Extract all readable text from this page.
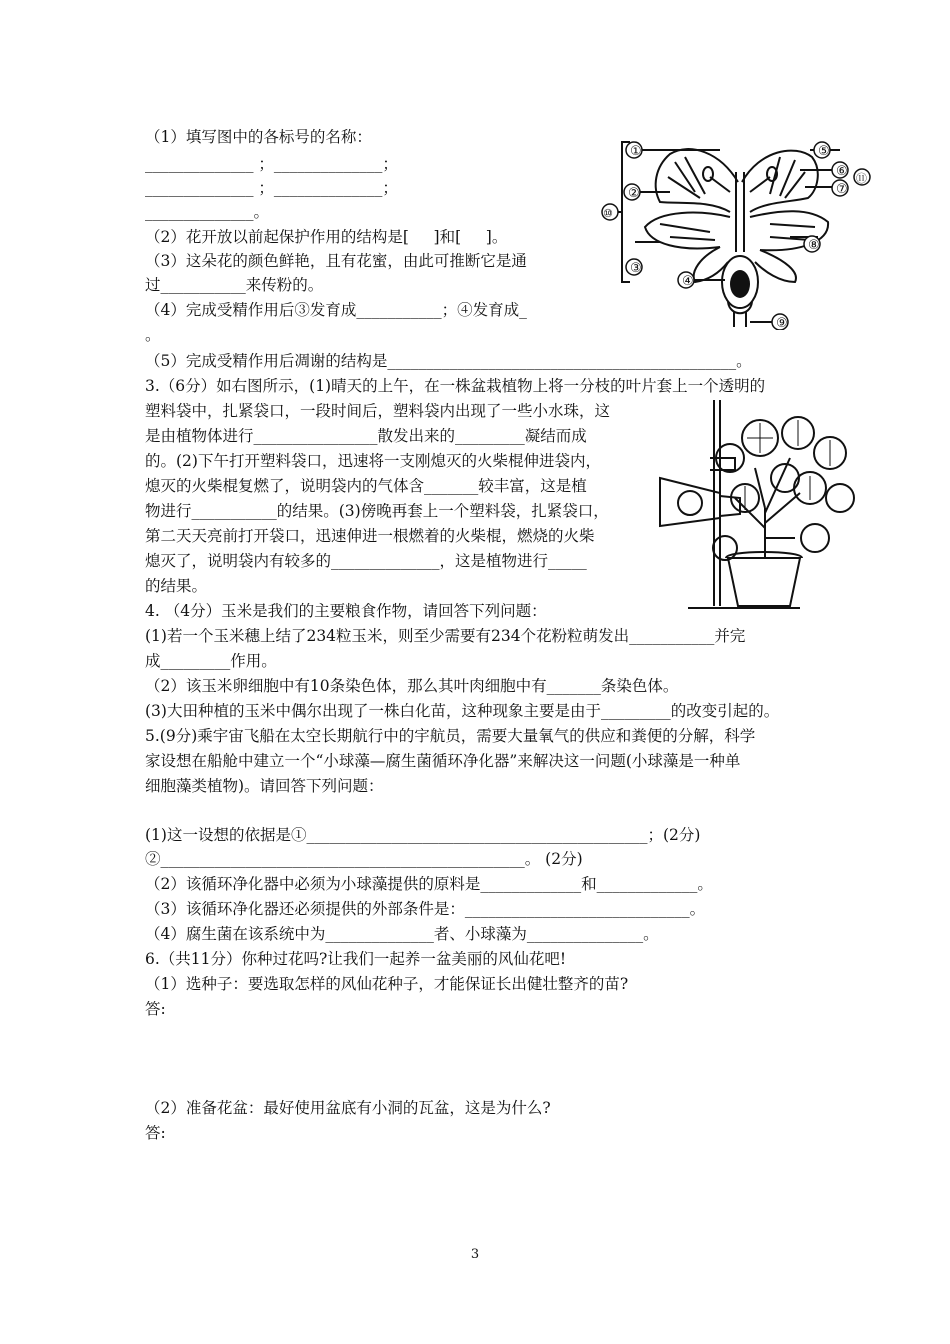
（1）填写图中的各标号的名称：
______________ ；______________；
______________ ；______________；
______________。
（2）花开放以前起保护作用的结构是[     ]和[     ]。
（3）这朵花的颜色鲜艳，且有花蜜，由此可推断它是通
过___________来传粉的。
（4）完成受精作用后③发育成___________；④发育成_
。
（5）完成受精作用后凋谢的结构是_____________________________________________。
3.（6分）如右图所示，(1)晴天的上午，在一株盆栽植物上将一分枝的叶片套上一个透明的
塑料袋中，扎紧袋口，一段时间后，塑料袋内出现了一些小水珠，这
是由植物体进行________________散发出来的_________凝结而成
的。(2)下午打开塑料袋口，迅速将一支刚熄灭的火柴棍伸进袋内，
熄灭的火柴棍复燃了，说明袋内的气体含_______较丰富，这是植
物进行___________的结果。(3)傍晚再套上一个塑料袋，扎紧袋口，
第二天天亮前打开袋口，迅速伸进一根燃着的火柴棍，燃烧的火柴
熄灭了，说明袋内有较多的______________，这是植物进行_____
的结果。
4. （4分）玉米是我们的主要粮食作物，请回答下列问题：
(1)若一个玉米穗上结了234粒玉米，则至少需要有234个花粉粒萌发出___________并完
成_________作用。
（2）该玉米卵细胞中有10条染色体，那么其叶肉细胞中有_______条染色体。
(3)大田种植的玉米中偶尔出现了一株白化苗，这种现象主要是由于_________的改变引起的。
5.(9分)乘宇宙飞船在太空长期航行中的宇航员，需要大量氧气的供应和粪便的分解，科学
家设想在船舱中建立一个“小球藻—腐生菌循环净化器”来解决这一问题(小球藻是一种单
细胞藻类植物)。请回答下列问题：
(1)这一设想的依据是①____________________________________________；(2分)
②_______________________________________________。 (2分)
（2）该循环净化器中必须为小球藻提供的原料是_____________和_____________。
（3）该循环净化器还必须提供的外部条件是：_____________________________。
（4）腐生菌在该系统中为______________者、小球藻为_______________。
6.（共11分）你种过花吗?让我们一起养一盆美丽的风仙花吧!
（1）选种子：要选取怎样的风仙花种子，才能保证长出健壮整齐的苗?
答:
（2）准备花盆：最好使用盆底有小洞的瓦盆，这是为什么?
答:
①
②
③
④
⑤
⑥
⑦
⑧
⑨
⑩
⑪
3
